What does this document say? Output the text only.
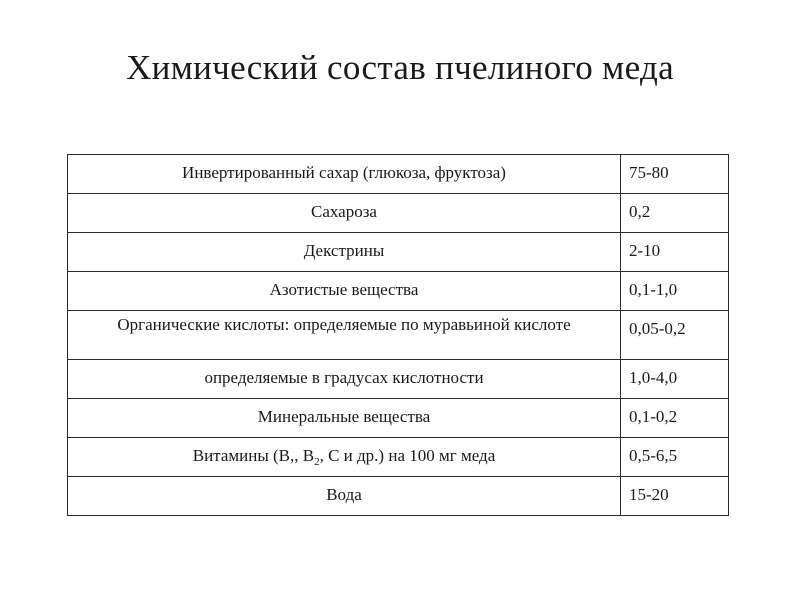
Химический состав пчелиного меда
Инвертированный сахар (глюкоза, фруктоза)	75-80
Сахароза	0,2
Декстрины	2-10
Азотистые вещества	0,1-1,0
Органические кислоты: определяемые по муравьиной кислоте	0,05-0,2
определяемые в градусах кислотности	1,0-4,0
Минеральные вещества	0,1-0,2
Витамины (В,, $В_2$, С и др.) на 100 мг меда	0,5-6,5
Вода	15-20
